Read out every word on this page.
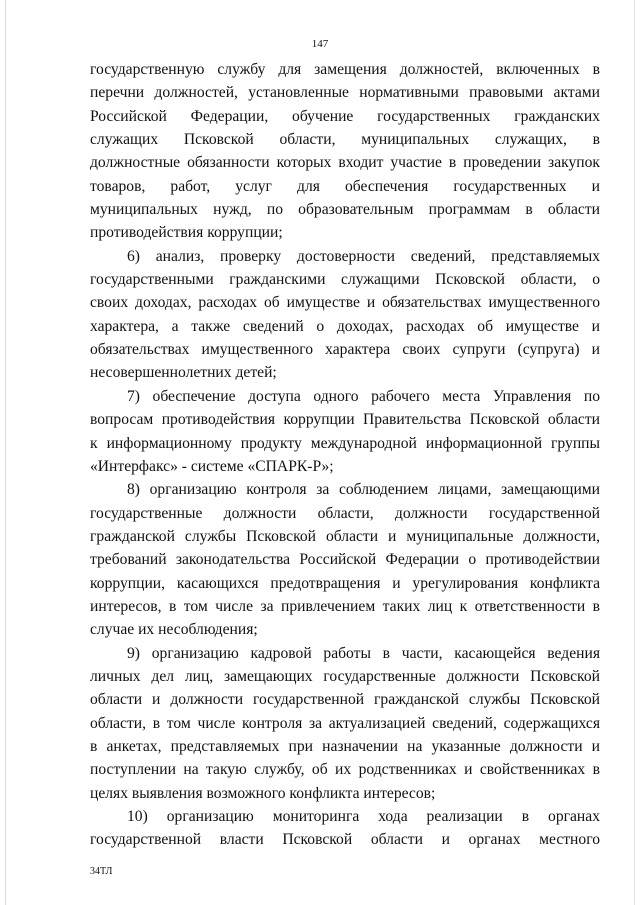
147
государственную службу для замещения должностей, включенных в
перечни должностей, установленные нормативными правовыми актами
Российской Федерации, обучение государственных гражданских
служащих Псковской области, муниципальных служащих, в
должностные обязанности которых входит участие в проведении закупок
товаров, работ, услуг для обеспечения государственных и
муниципальных нужд, по образовательным программам в области
противодействия коррупции;
6) анализ, проверку достоверности сведений, представляемых
государственными гражданскими служащими Псковской области, о
своих доходах, расходах об имуществе и обязательствах имущественного
характера, а также сведений о доходах, расходах об имуществе и
обязательствах имущественного характера своих супруги (супруга) и
несовершеннолетних детей;
7) обеспечение доступа одного рабочего места Управления по
вопросам противодействия коррупции Правительства Псковской области
к информационному продукту международной информационной группы
«Интерфакс» - системе «СПАРК-Р»;
8) организацию контроля за соблюдением лицами, замещающими
государственные должности области, должности государственной
гражданской службы Псковской области и муниципальные должности,
требований законодательства Российской Федерации о противодействии
коррупции, касающихся предотвращения и урегулирования конфликта
интересов, в том числе за привлечением таких лиц к ответственности в
случае их несоблюдения;
9) организацию кадровой работы в части, касающейся ведения
личных дел лиц, замещающих государственные должности Псковской
области и должности государственной гражданской службы Псковской
области, в том числе контроля за актуализацией сведений, содержащихся
в анкетах, представляемых при назначении на указанные должности и
поступлении на такую службу, об их родственниках и свойственниках в
целях выявления возможного конфликта интересов;
10) организацию мониторинга хода реализации в органах
государственной власти Псковской области и органах местного
34ТЛ
